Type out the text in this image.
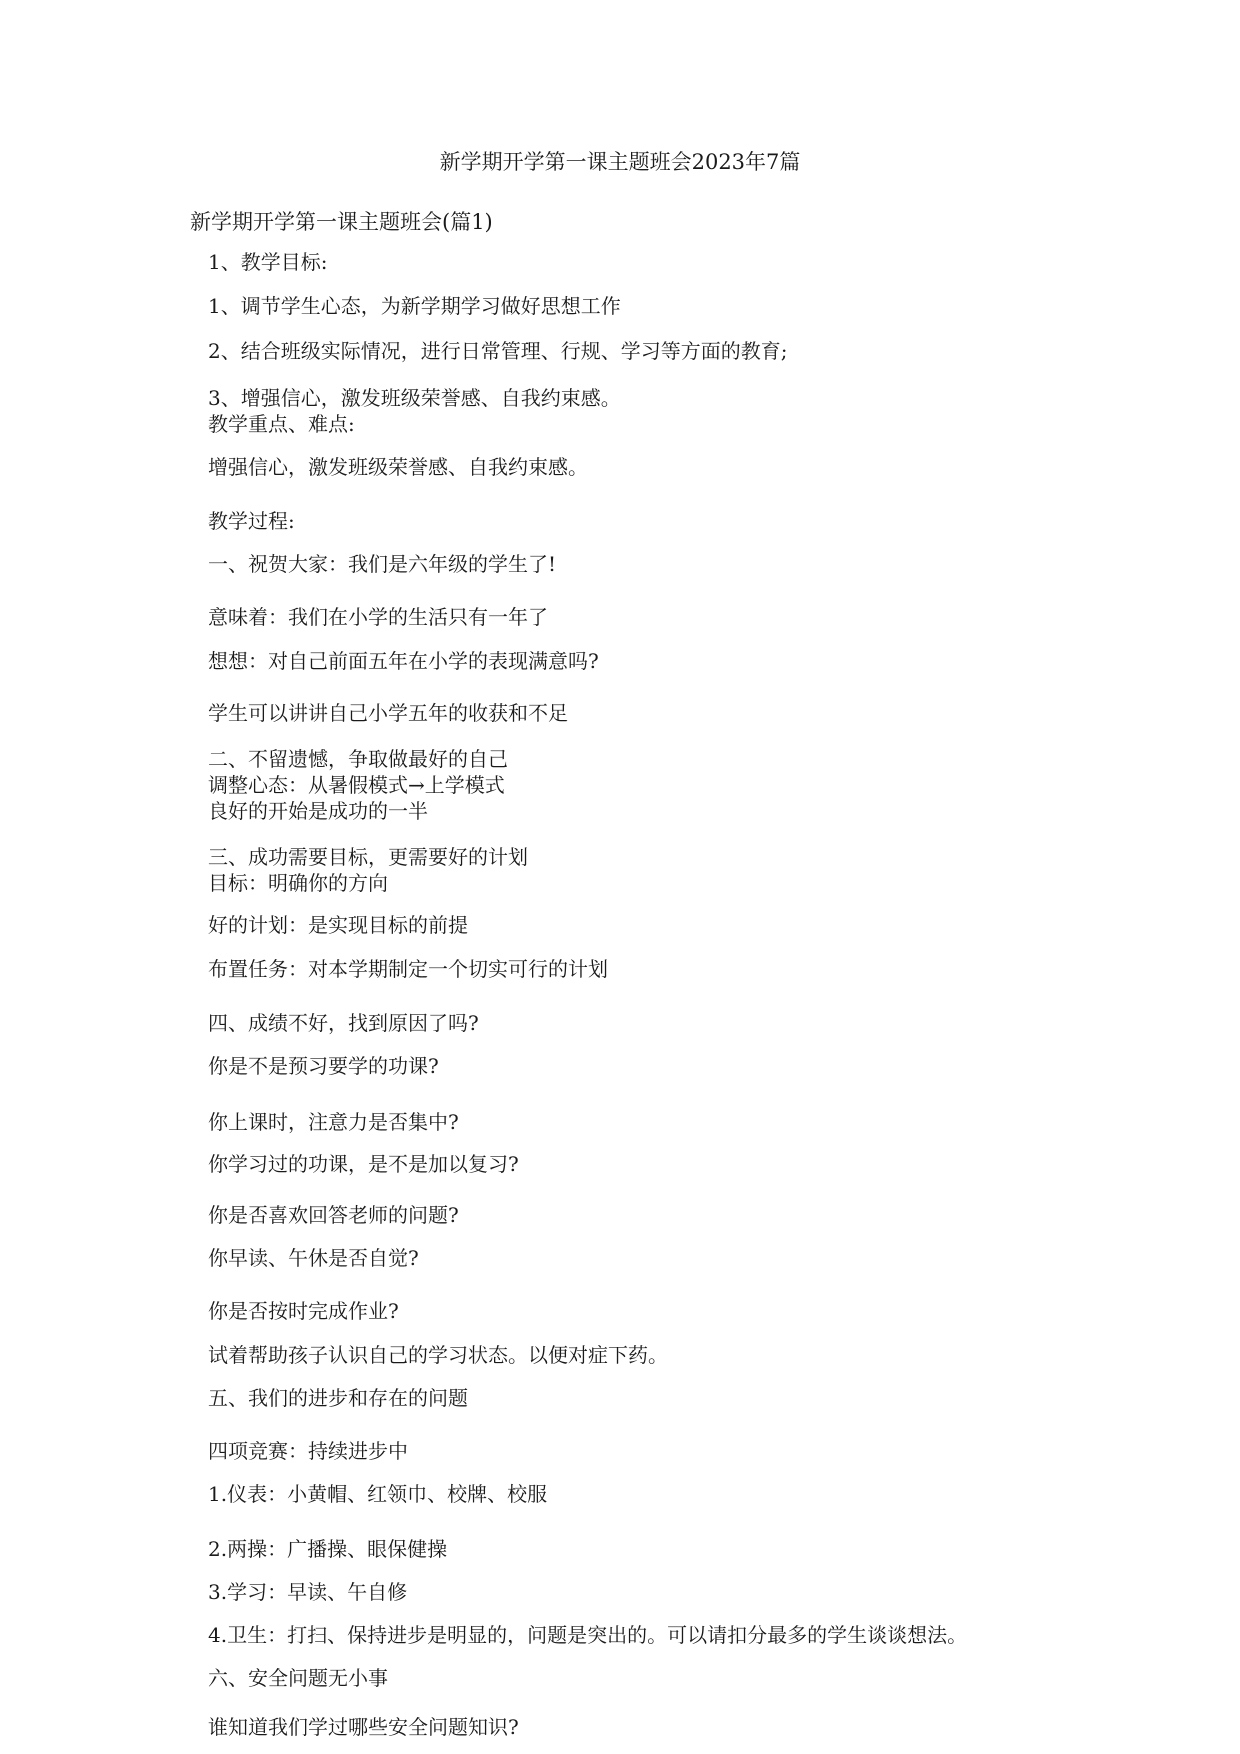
新学期开学第一课主题班会2023年7篇
新学期开学第一课主题班会(篇1)
1、教学目标:
1、调节学生心态，为新学期学习做好思想工作
2、结合班级实际情况，进行日常管理、行规、学习等方面的教育;
3、增强信心，激发班级荣誉感、自我约束感。
教学重点、难点:
增强信心，激发班级荣誉感、自我约束感。
教学过程:
一、祝贺大家：我们是六年级的学生了!
意味着：我们在小学的生活只有一年了
想想：对自己前面五年在小学的表现满意吗?
学生可以讲讲自己小学五年的收获和不足
二、不留遗憾，争取做最好的自己
调整心态：从暑假模式→上学模式
良好的开始是成功的一半
三、成功需要目标，更需要好的计划
目标：明确你的方向
好的计划：是实现目标的前提
布置任务：对本学期制定一个切实可行的计划
四、成绩不好，找到原因了吗?
你是不是预习要学的功课?
你上课时，注意力是否集中?
你学习过的功课，是不是加以复习?
你是否喜欢回答老师的问题?
你早读、午休是否自觉?
你是否按时完成作业?
试着帮助孩子认识自己的学习状态。以便对症下药。
五、我们的进步和存在的问题
四项竞赛：持续进步中
1.仪表：小黄帽、红领巾、校牌、校服
2.两操：广播操、眼保健操
3.学习：早读、午自修
4.卫生：打扫、保持进步是明显的，问题是突出的。可以请扣分最多的学生谈谈想法。
六、安全问题无小事
谁知道我们学过哪些安全问题知识?
